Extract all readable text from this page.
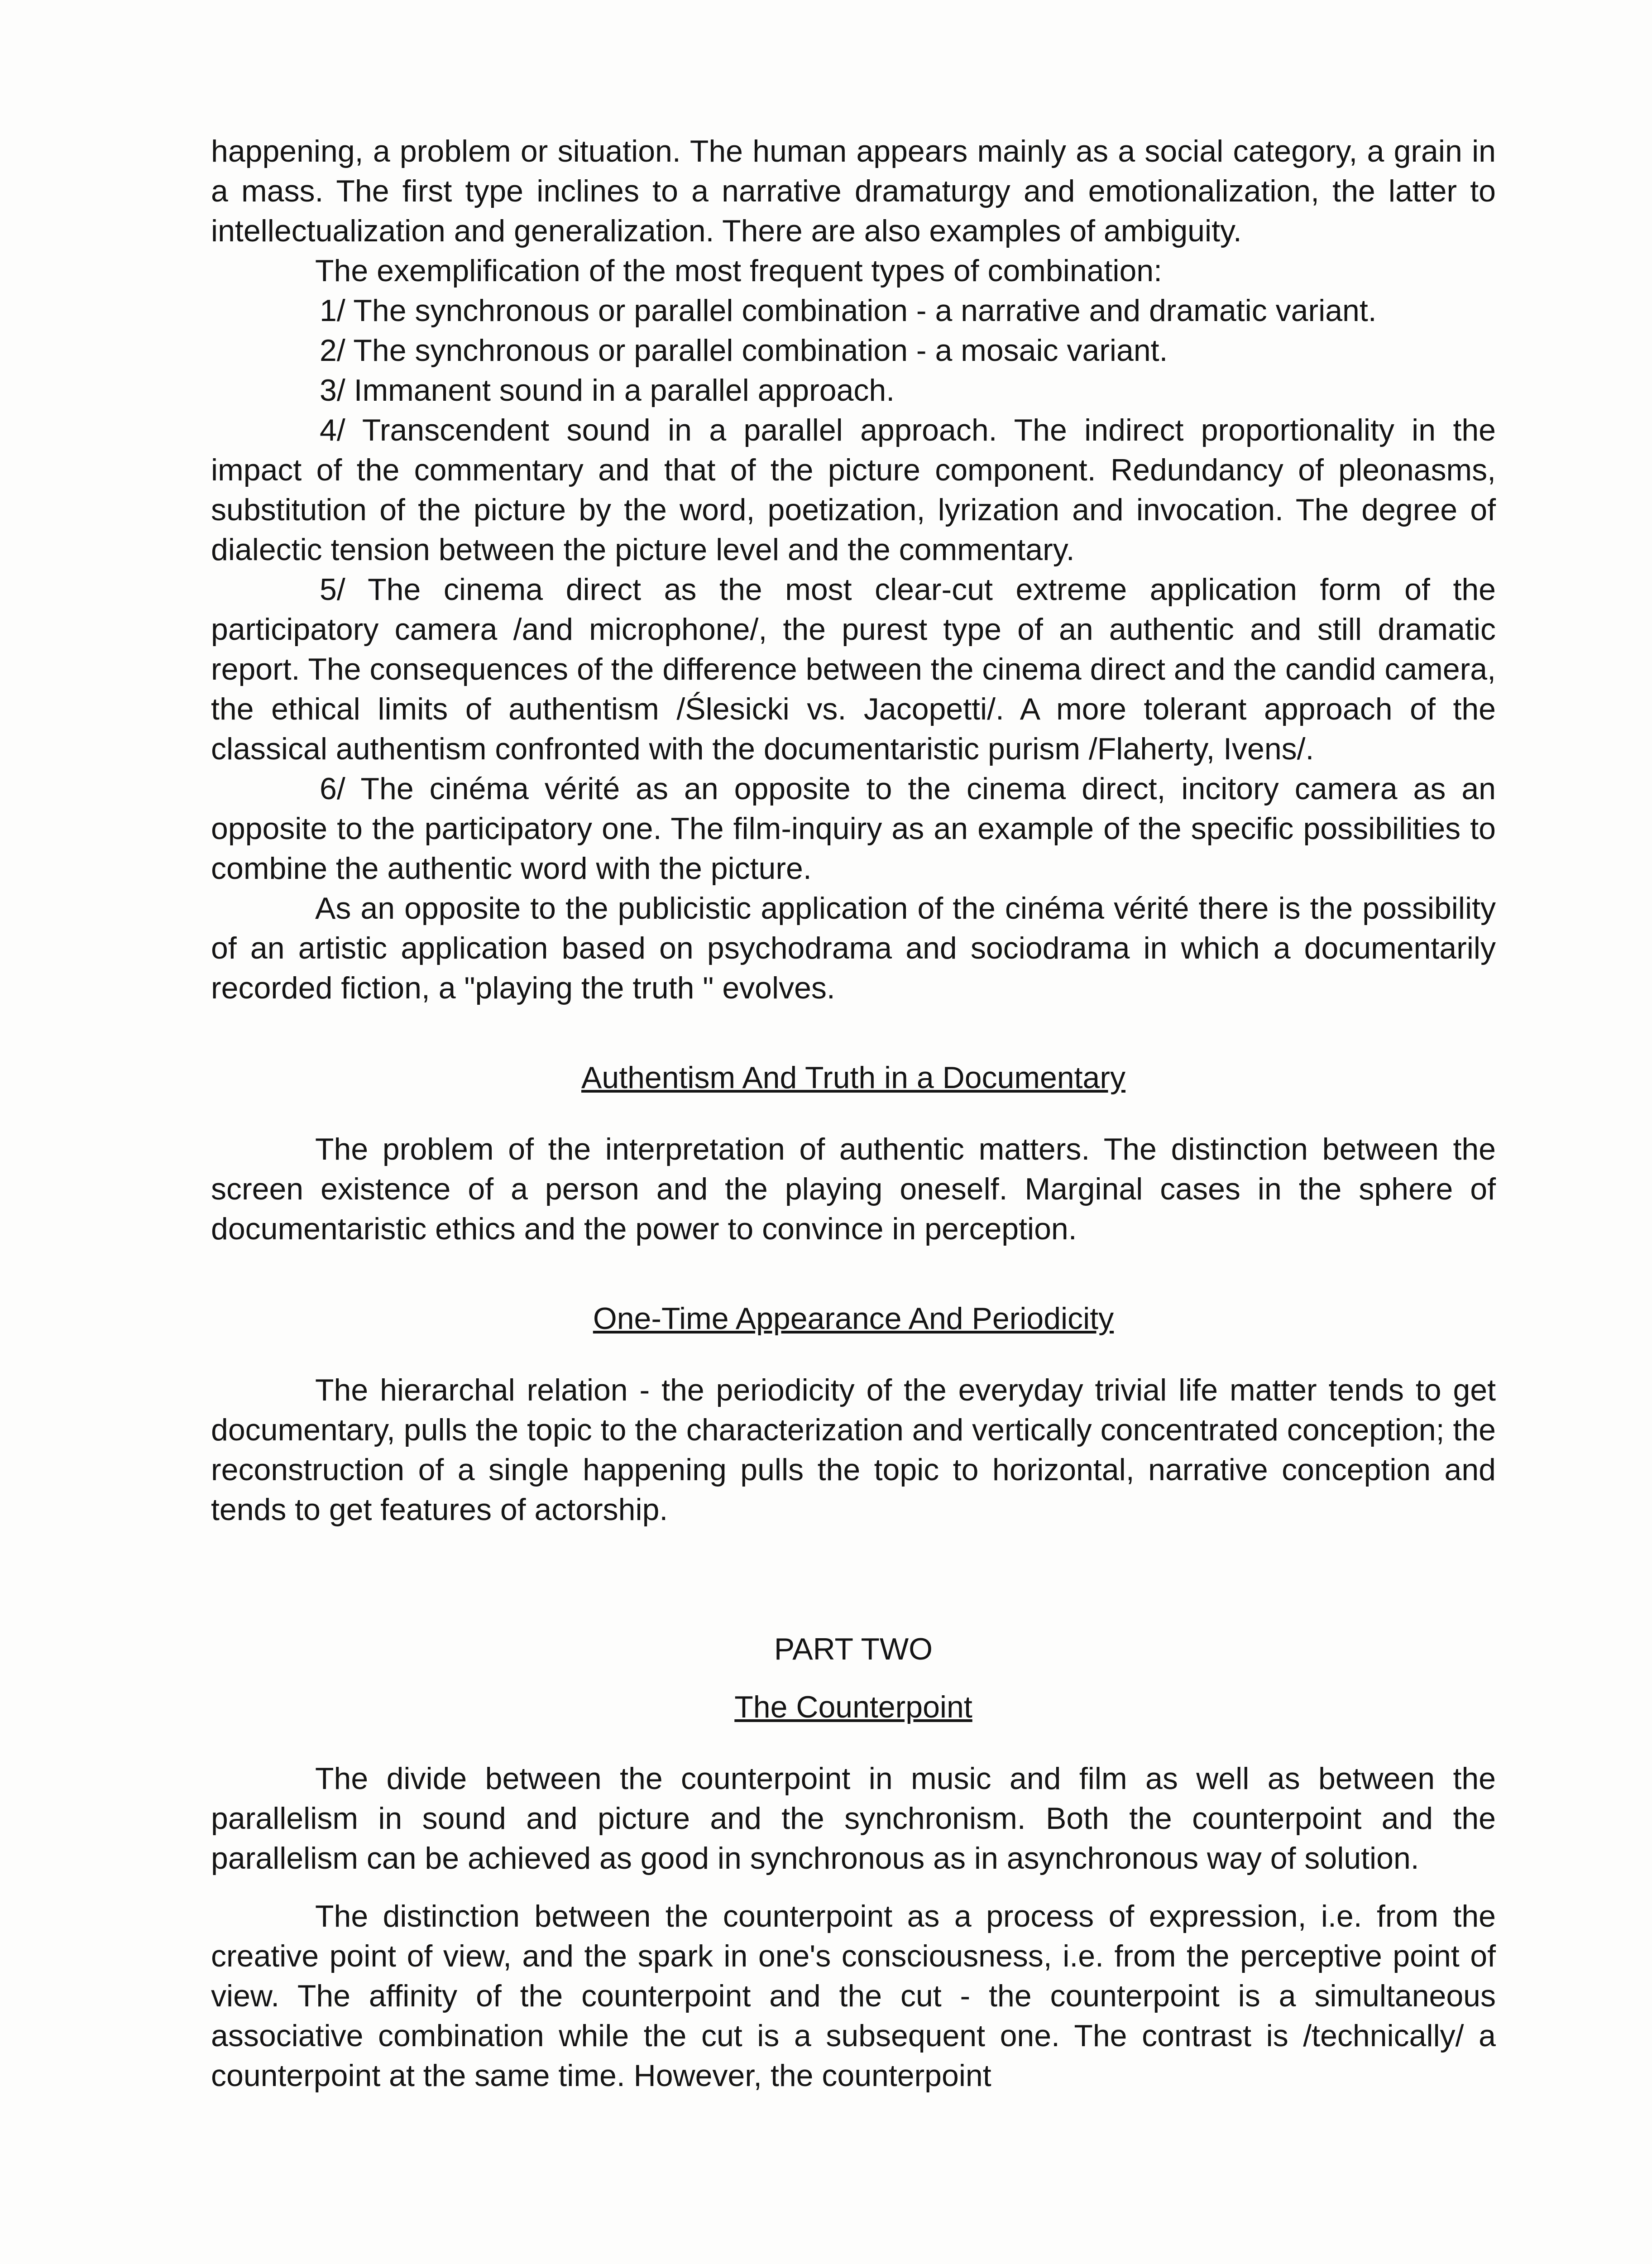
happening, a problem or situation. The human appears mainly as a social category, a grain in a mass. The first type inclines to a narrative dramaturgy and emotionalization, the latter to intellectualization and generalization. There are also examples of ambiguity.

The exemplification of the most frequent types of combination:

1/ The synchronous or parallel combination - a narrative and dramatic variant.

2/ The synchronous or parallel combination - a mosaic variant.

3/ Immanent sound in a parallel approach.

4/ Transcendent sound in a parallel approach. The indirect proportionality in the impact of the commentary and that of the picture component. Redundancy of pleonasms, substitution of the picture by the word, poetization, lyrization and invocation. The degree of dialectic tension between the picture level and the commentary.

5/ The cinema direct as the most clear-cut extreme application form of the participatory camera /and microphone/, the purest type of an authentic and still dramatic report. The consequences of the difference between the cinema direct and the candid camera, the ethical limits of authentism /Ślesicki vs. Jacopetti/. A more tolerant approach of the classical authentism confronted with the documentaristic purism /Flaherty, Ivens/.

6/ The cinéma vérité as an opposite to the cinema direct, incitory camera as an opposite to the participatory one. The film-inquiry as an example of the specific possibilities to combine the authentic word with the picture.

As an opposite to the publicistic application of the cinéma vérité there is the possibility of an artistic application based on psychodrama and sociodrama in which a documentarily recorded fiction, a "playing the truth " evolves.

Authentism And Truth in a Documentary

The problem of the interpretation of authentic matters. The distinction between the screen existence of a person and the playing oneself. Marginal cases in the sphere of documentaristic ethics and the power to convince in perception.

One-Time Appearance And Periodicity

The hierarchal relation - the periodicity of the everyday trivial life matter tends to get documentary, pulls the topic to the characterization and vertically concentrated conception; the reconstruction of a single happening pulls the topic to horizontal, narrative conception and tends to get features of actorship.

PART TWO
The Counterpoint

The divide between the counterpoint in music and film as well as between the parallelism in sound and picture and the synchronism. Both the counterpoint and the parallelism can be achieved as good in synchronous as in asynchronous way of solution.

The distinction between the counterpoint as a process of expression, i.e. from the creative point of view, and the spark in one's consciousness, i.e. from the perceptive point of view. The affinity of the counterpoint and the cut - the counterpoint is a simultaneous associative combination while the cut is a subsequent one. The contrast is /technically/ a counterpoint at the same time. However, the counterpoint
